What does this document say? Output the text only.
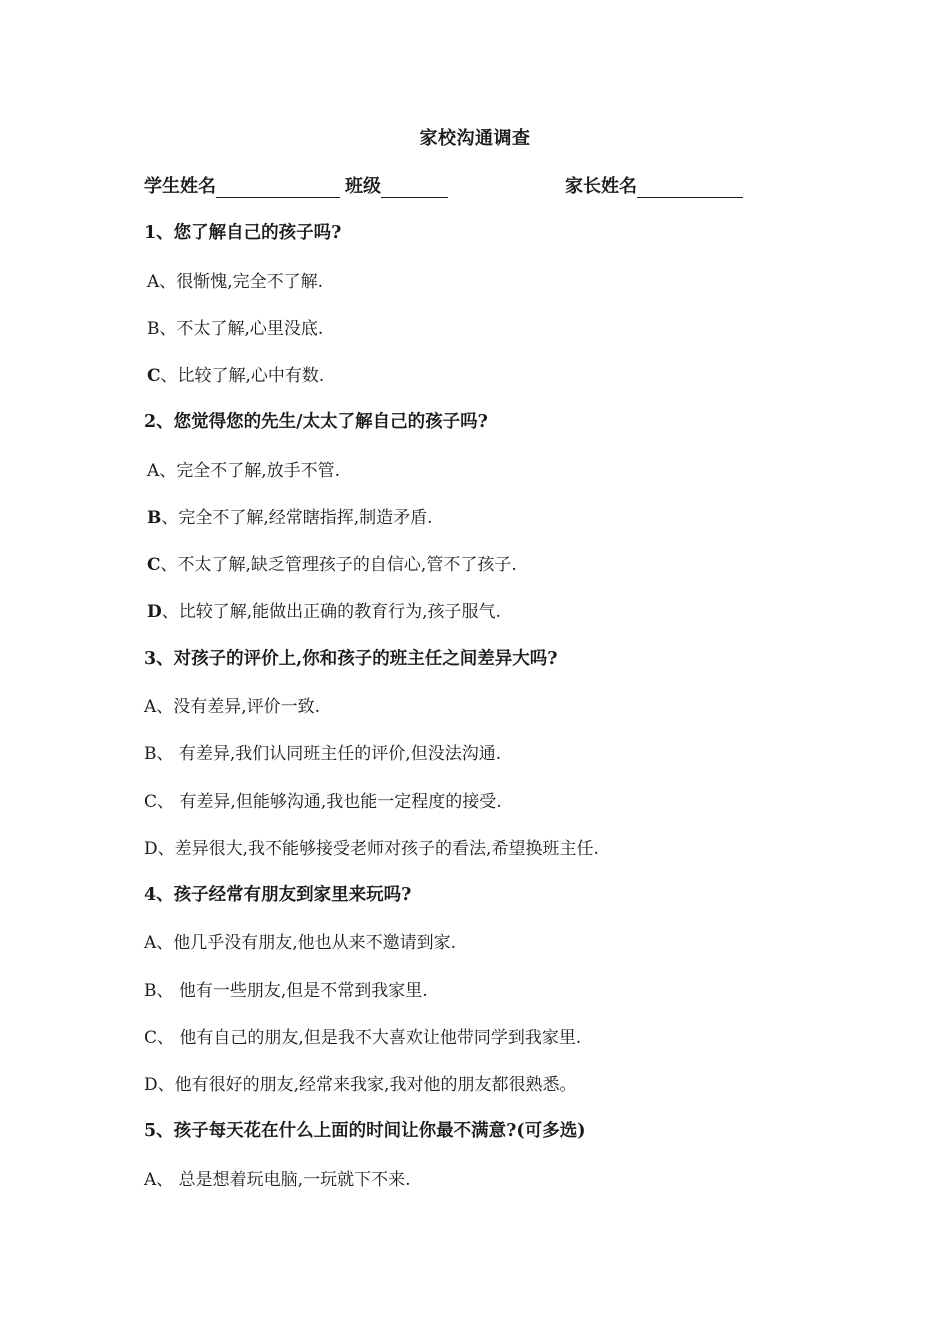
家校沟通调查
学生姓名	班级	家长姓名
1、您了解自己的孩子吗?
A、很惭愧,完全不了解.
B、不太了解,心里没底.
C、比较了解,心中有数.
2、您觉得您的先生/太太了解自己的孩子吗?
A、完全不了解,放手不管.
B、完全不了解,经常瞎指挥,制造矛盾.
C、不太了解,缺乏管理孩子的自信心,管不了孩子.
D、比较了解,能做出正确的教育行为,孩子服气.
3、对孩子的评价上,你和孩子的班主任之间差异大吗?
A、没有差异,评价一致.
B、 有差异,我们认同班主任的评价,但没法沟通.
C、 有差异,但能够沟通,我也能一定程度的接受.
D、差异很大,我不能够接受老师对孩子的看法,希望换班主任.
4、孩子经常有朋友到家里来玩吗?
A、他几乎没有朋友,他也从来不邀请到家.
B、 他有一些朋友,但是不常到我家里.
C、 他有自己的朋友,但是我不大喜欢让他带同学到我家里.
D、他有很好的朋友,经常来我家,我对他的朋友都很熟悉。
5、孩子每天花在什么上面的时间让你最不满意?(可多选)
A、 总是想着玩电脑,一玩就下不来.
